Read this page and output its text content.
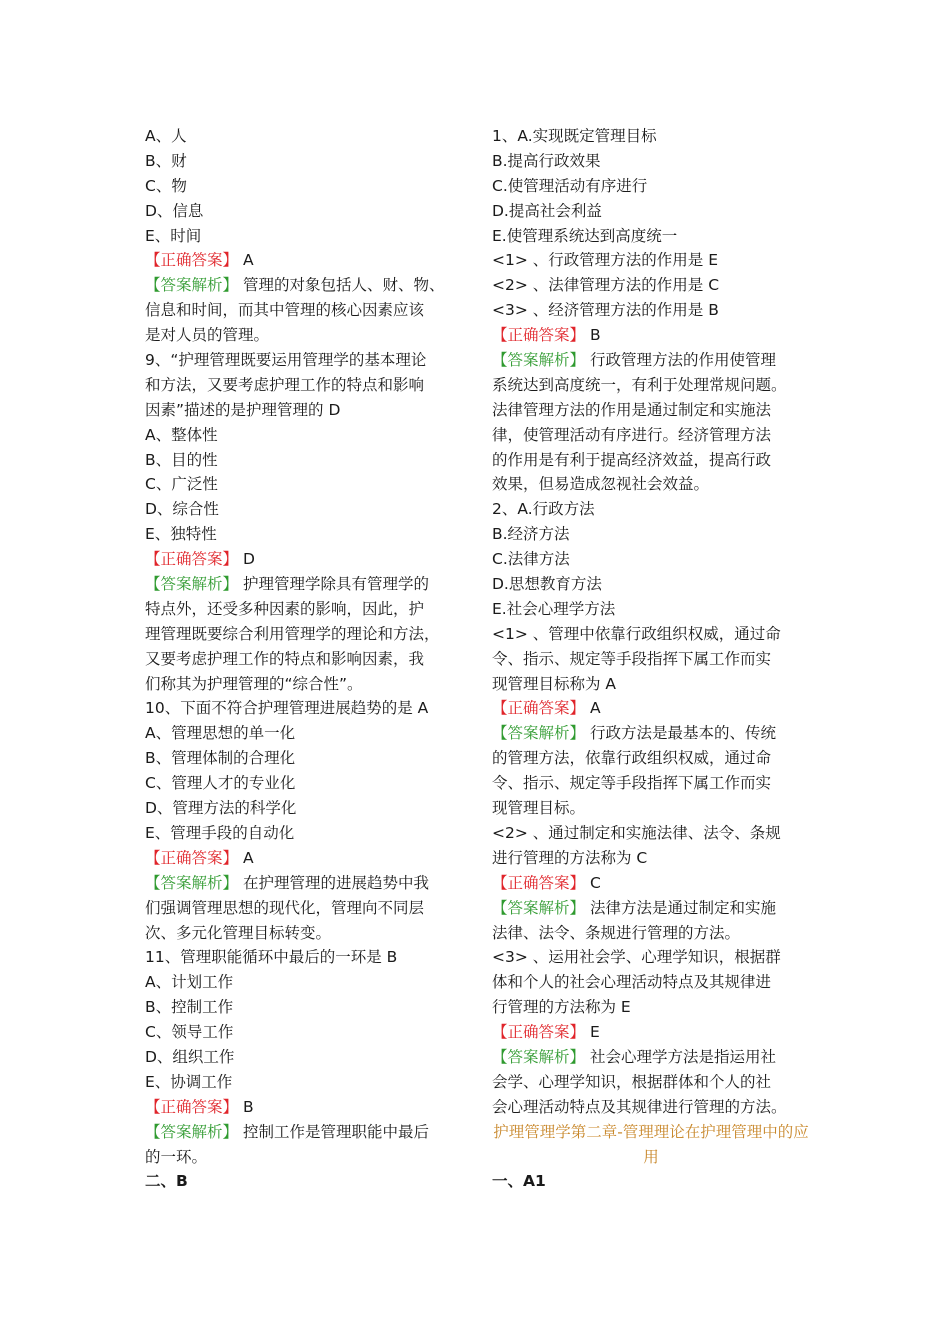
A、人
B、财
C、物
D、信息
E、时间
【正确答案】 A
【答案解析】 管理的对象包括人、财、物、
信息和时间，而其中管理的核心因素应该
是对人员的管理。
9、“护理管理既要运用管理学的基本理论
和方法，又要考虑护理工作的特点和影响
因素”描述的是护理管理的 D
A、整体性
B、目的性
C、广泛性
D、综合性
E、独特性
【正确答案】 D
【答案解析】 护理管理学除具有管理学的
特点外，还受多种因素的影响，因此，护
理管理既要综合利用管理学的理论和方法，
又要考虑护理工作的特点和影响因素，我
们称其为护理管理的“综合性”。
10、下面不符合护理管理进展趋势的是 A
A、管理思想的单一化
B、管理体制的合理化
C、管理人才的专业化
D、管理方法的科学化
E、管理手段的自动化
【正确答案】 A
【答案解析】 在护理管理的进展趋势中我
们强调管理思想的现代化，管理向不同层
次、多元化管理目标转变。
11、管理职能循环中最后的一环是 B
A、计划工作
B、控制工作
C、领导工作
D、组织工作
E、协调工作
【正确答案】 B
【答案解析】 控制工作是管理职能中最后
的一环。
二、B
1、A.实现既定管理目标
B.提高行政效果
C.使管理活动有序进行
D.提高社会利益
E.使管理系统达到高度统一
<1> 、行政管理方法的作用是 E
<2> 、法律管理方法的作用是 C
<3> 、经济管理方法的作用是 B
【正确答案】 B
【答案解析】 行政管理方法的作用使管理
系统达到高度统一，有利于处理常规问题。
法律管理方法的作用是通过制定和实施法
律，使管理活动有序进行。经济管理方法
的作用是有利于提高经济效益，提高行政
效果，但易造成忽视社会效益。
2、A.行政方法
B.经济方法
C.法律方法
D.思想教育方法
E.社会心理学方法
<1> 、管理中依靠行政组织权威，通过命
令、指示、规定等手段指挥下属工作而实
现管理目标称为 A
【正确答案】 A
【答案解析】 行政方法是最基本的、传统
的管理方法，依靠行政组织权威，通过命
令、指示、规定等手段指挥下属工作而实
现管理目标。
<2> 、通过制定和实施法律、法令、条规
进行管理的方法称为 C
【正确答案】 C
【答案解析】 法律方法是通过制定和实施
法律、法令、条规进行管理的方法。
<3> 、运用社会学、心理学知识，根据群
体和个人的社会心理活动特点及其规律进
行管理的方法称为 E
【正确答案】 E
【答案解析】 社会心理学方法是指运用社
会学、心理学知识，根据群体和个人的社
会心理活动特点及其规律进行管理的方法。
护理管理学第二章-管理理论在护理管理中的应用
一、A1
